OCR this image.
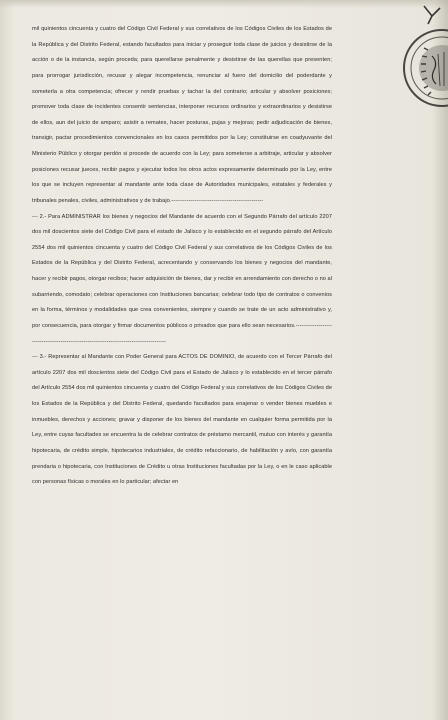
mil quinientos cincuenta y cuatro del Código Civil Federal y sus correlativos de los Códigos Civiles de los Estados de la República y del Distrito Federal, estando facultados para iniciar y proseguir toda clase de juicios y desistirse de la acción o de la instancia, según proceda; para querellarse penalmente y desistirse de las querellas que presenten; para prorrogar jurisdicción, recusar y alegar incompetencia, renunciar al fuero del domicilio del poderdante y someterla a otra competencia; ofrecer y rendir pruebas y tachar la del contrario; articular y absolver posiciones; promover toda clase de incidentes consentir sentencias, interponer recursos ordinarios y extraordinarios y desistirse de ellos, aun del juicio de amparo; asistir a remates, hacer posturas, pujas y mejoras; pedir adjudicación de bienes, transigir, pactar procedimientos convencionales en los casos permitidos por la Ley; constituirse en coadyuvante del Ministerio Público y otorgar perdón si procede de acuerdo con la Ley; para someterse a arbitraje, articular y absolver posiciones recusar jueces, recibir pagos y ejecutar todos los otros actos expresamente determinado por la Ley, entre los que se incluyen representar al mandante ante toda clase de Autoridades municipales, estatales y federales y tribunales penales, civiles, administrativos y de trabajo.------------------------------------------------

--- 2.- Para ADMINISTRAR los bienes y negocios del Mandante de acuerdo con el Segundo Párrafo del artículo 2207 dos mil doscientos siete del Código Civil para el estado de Jalisco y lo establecido en el segundo párrafo del Artículo 2554 dos mil quinientos cincuenta y cuatro del Código Civil Federal y sus correlativos de los Códigos Civiles de los Estados de la República y del Distrito Federal, acrecentando y conservando los bienes y negocios del mandante, hacer y recibir pagos, otorgar recibos; hacer adquisición de bienes, dar y recibir en arrendamiento con derecho o no al subarriendo, comodato; celebrar operaciones con Instituciones bancarias; celebrar todo tipo de contratos o convenios en la forma, términos y modalidades que crea convenientes, siempre y cuando se trate de un acto administrativo y, por consecuencia, para otorgar y firmar documentos públicos o privados que para ello sean necesarios.-----------------------------------------------------------------------------------------

--- 3.- Representar al Mandante con Poder General para ACTOS DE DOMINIO, de acuerdo con el Tercer Párrafo del artículo 2207 dos mil doscientos siete del Código Civil para el Estado de Jalisco y lo establecido en el tercer párrafo del Artículo 2554 dos mil quinientos cincuenta y cuatro del Código Federal y sus correlativos de los Códigos Civiles de los Estados de la República y del Distrito Federal, quedando facultados para enajenar o vender bienes muebles e inmuebles, derechos y acciones; gravar y disponer de los bienes del mandante en cualquier forma permitida por la Ley, entre cuyas facultades se encuentra la de celebrar contratos de préstamo mercantil, mutuo con interés y garantía hipotecaria, de crédito simple, hipotecarios industriales, de crédito refaccionario, de habilitación y avío, con garantía prendaria o hipotecaria, con Instituciones de Crédito u otras Instituciones facultadas por la Ley, o en le caso aplicable con personas físicas o morales en lo particular; afectar en
